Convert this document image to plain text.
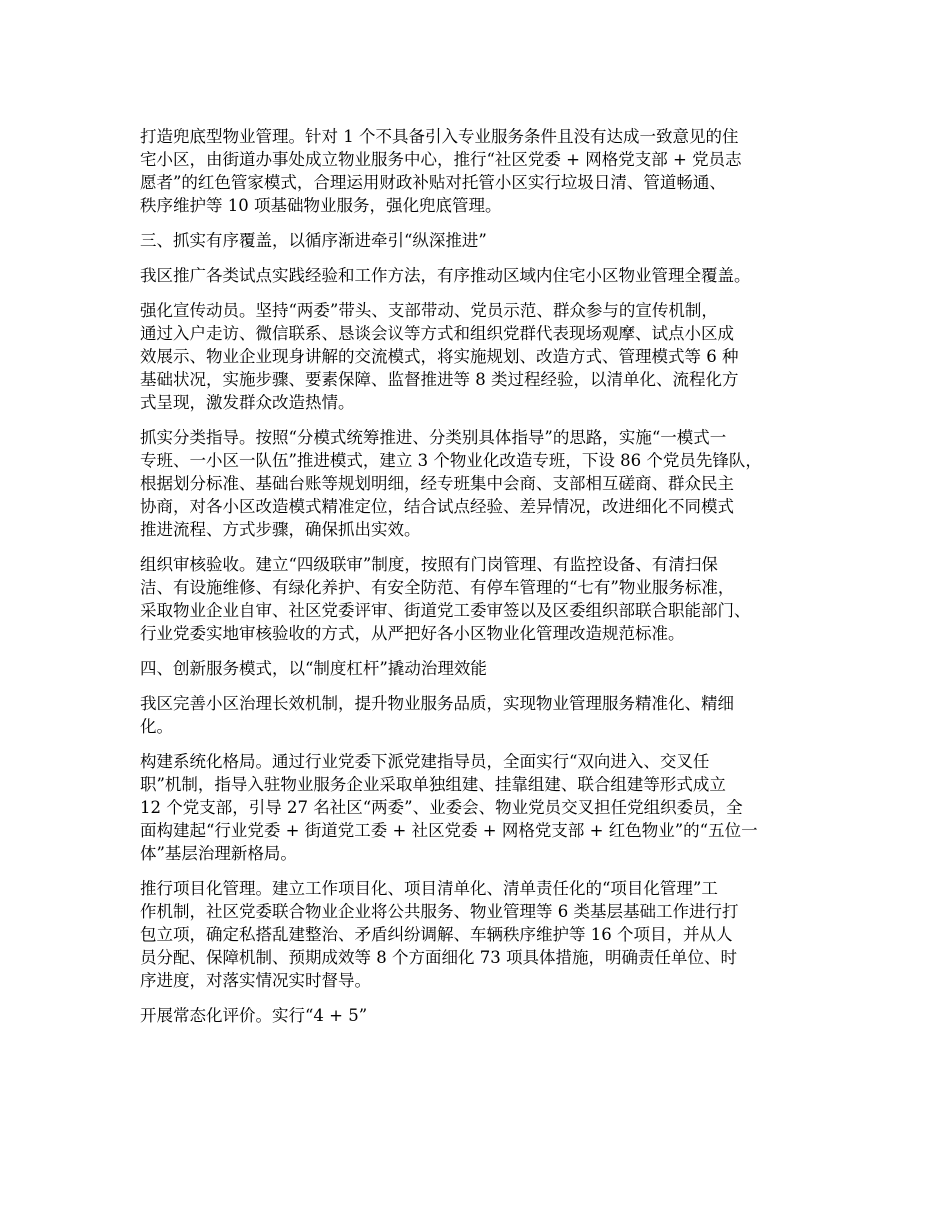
打造兜底型物业管理。针对 1 个不具备引入专业服务条件且没有达成一致意见的住
宅小区，由街道办事处成立物业服务中心，推行“社区党委 + 网格党支部 + 党员志
愿者”的红色管家模式，合理运用财政补贴对托管小区实行垃圾日清、管道畅通、
秩序维护等 10 项基础物业服务，强化兜底管理。

三、抓实有序覆盖，以循序渐进牵引“纵深推进”

我区推广各类试点实践经验和工作方法，有序推动区域内住宅小区物业管理全覆盖。

强化宣传动员。坚持“两委”带头、支部带动、党员示范、群众参与的宣传机制，
通过入户走访、微信联系、恳谈会议等方式和组织党群代表现场观摩、试点小区成
效展示、物业企业现身讲解的交流模式，将实施规划、改造方式、管理模式等 6 种
基础状况，实施步骤、要素保障、监督推进等 8 类过程经验，以清单化、流程化方
式呈现，激发群众改造热情。

抓实分类指导。按照“分模式统筹推进、分类别具体指导”的思路，实施“一模式一
专班、一小区一队伍”推进模式，建立 3 个物业化改造专班，下设 86 个党员先锋队，
根据划分标准、基础台账等规划明细，经专班集中会商、支部相互磋商、群众民主
协商，对各小区改造模式精准定位，结合试点经验、差异情况，改进细化不同模式
推进流程、方式步骤，确保抓出实效。

组织审核验收。建立“四级联审”制度，按照有门岗管理、有监控设备、有清扫保
洁、有设施维修、有绿化养护、有安全防范、有停车管理的“七有”物业服务标准，
采取物业企业自审、社区党委评审、街道党工委审签以及区委组织部联合职能部门、
行业党委实地审核验收的方式，从严把好各小区物业化管理改造规范标准。

四、创新服务模式，以“制度杠杆”撬动治理效能

我区完善小区治理长效机制，提升物业服务品质，实现物业管理服务精准化、精细
化。

构建系统化格局。通过行业党委下派党建指导员，全面实行“双向进入、交叉任
职”机制，指导入驻物业服务企业采取单独组建、挂靠组建、联合组建等形式成立
12 个党支部，引导 27 名社区“两委”、业委会、物业党员交叉担任党组织委员，全
面构建起“行业党委 + 街道党工委 + 社区党委 + 网格党支部 + 红色物业”的“五位一
体”基层治理新格局。

推行项目化管理。建立工作项目化、项目清单化、清单责任化的“项目化管理”工
作机制，社区党委联合物业企业将公共服务、物业管理等 6 类基层基础工作进行打
包立项，确定私搭乱建整治、矛盾纠纷调解、车辆秩序维护等 16 个项目，并从人
员分配、保障机制、预期成效等 8 个方面细化 73 项具体措施，明确责任单位、时
序进度，对落实情况实时督导。

开展常态化评价。实行“4 + 5”
